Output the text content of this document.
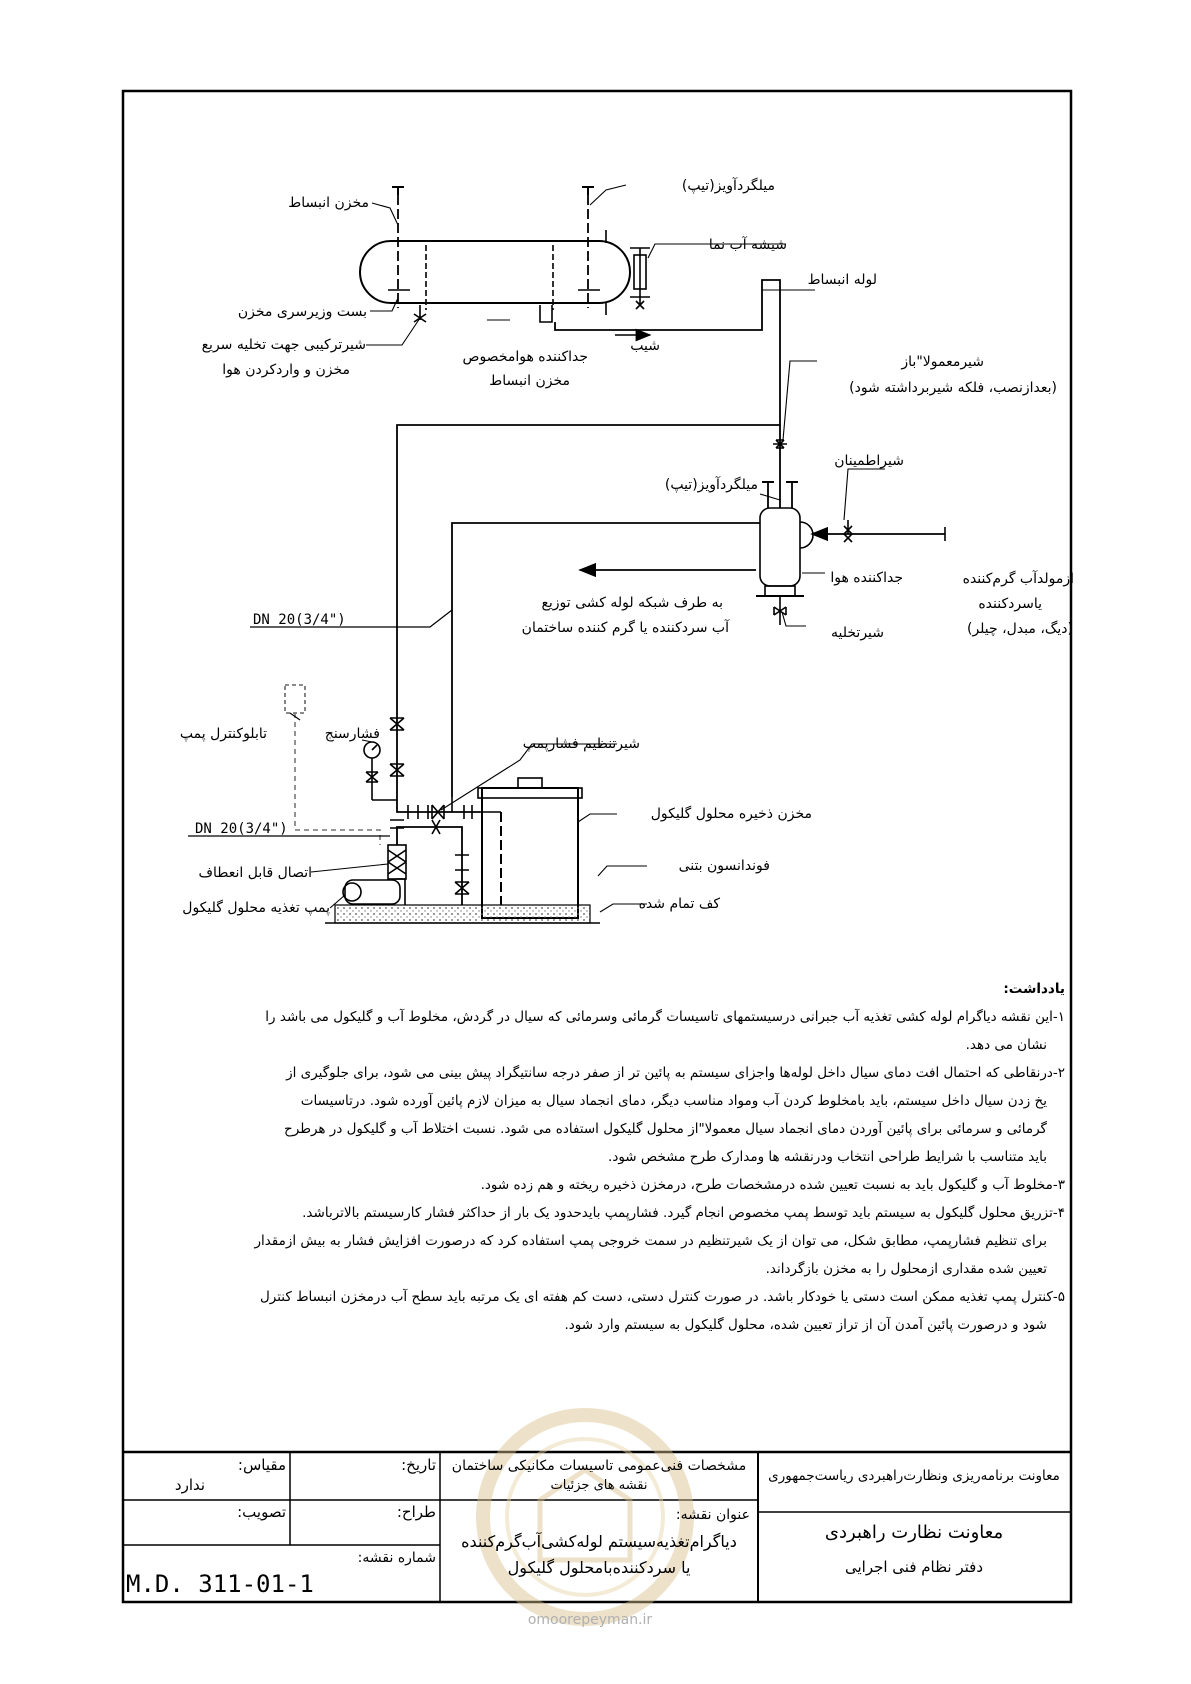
مخزن انبساط
میلگردآویز(تیپ)
شیشه آب نما
لوله انبساط
بست وزیرسری مخزن
شیرترکیبی جهت تخلیه سریع
مخزن و واردکردن هوا
شیب
جداکننده هوامخصوص
مخزن انبساط
شیرمعمولا"باز
(بعدازنصب، فلکه شیربرداشته شود)
شیراطمینان
میلگردآویز(تیپ)
جداکننده هوا	ازمولدآب گرم‌کننده
یاسردکننده
(دیگ، مبدل، چیلر)
به طرف شبکه لوله کشی توزیع
آب سردکننده یا گرم کننده ساختمان	شیرتخلیه
DN 20(3/4")
تابلوکنترل پمپ	فشارسنج
شیرتنظیم فشارپمپ
مخزن ذخیره محلول گلیکول
DN 20(3/4")
فوندانسون بتنی
اتصال قابل انعطاف
کف تمام شده
پمپ تغذیه محلول گلیکول
یادداشت:
۱-این نقشه دیاگرام لوله کشی تغذیه آب جبرانی درسیستمهای تاسیسات گرمائی وسرمائی که سیال در گردش، مخلوط آب و گلیکول می باشد را
نشان می دهد.
۲-درنقاطی که احتمال افت دمای سیال داخل لوله‌ها واجزای سیستم به پائین تر از صفر درجه سانتیگراد پیش بینی می شود، برای جلوگیری از
یخ زدن سیال داخل سیستم، باید بامخلوط کردن آب ومواد مناسب دیگر، دمای انجماد سیال به میزان لازم پائین آورده شود. درتاسیسات
گرمائی و سرمائی برای پائین آوردن دمای انجماد سیال معمولا"از محلول گلیکول استفاده می شود. نسبت اختلاط آب و گلیکول در هرطرح
باید متناسب با شرایط طراحی انتخاب ودرنقشه ها ومدارک طرح مشخص شود.
۳-مخلوط آب و گلیکول باید به نسبت تعیین شده درمشخصات طرح، درمخزن ذخیره ریخته و هم زده شود.
۴-تزریق محلول گلیکول به سیستم باید توسط پمپ مخصوص انجام گیرد. فشارپمپ بایدحدود یک بار از حداکثر فشار کارسیستم بالاترباشد.
برای تنظیم فشارپمپ، مطابق شکل، می توان از یک شیرتنظیم در سمت خروجی پمپ استفاده کرد که درصورت افزایش فشار به بیش ازمقدار
تعیین شده مقداری ازمحلول را به مخزن بازگرداند.
۵-کنترل پمپ تغذیه ممکن است دستی یا خودکار باشد. در صورت کنترل دستی، دست کم هفته ای یک مرتبه باید سطح آب درمخزن انبساط کنترل
شود و درصورت پائین آمدن آن از تراز تعیین شده، محلول گلیکول به سیستم وارد شود.
معاونت برنامه‌ریزی ونظارت‌راهبردی ریاست‌جمهوری
معاونت نظارت راهبردی
دفتر نظام فنی اجرایی
مشخصات فنی‌عمومی تاسیسات مکانیکی ساختمان
نقشه های جزئیات
عنوان نقشه:
دیاگرام‌تغذیه‌سیستم لوله‌کشی‌آب‌گرم‌کننده
یا سردکننده‌بامحلول گلیکول
تاریخ:
مقیاس:
ندارد
طراح:
تصویب:
شماره نقشه:
M.D. 311-01-1
omoorepeyman.ir
